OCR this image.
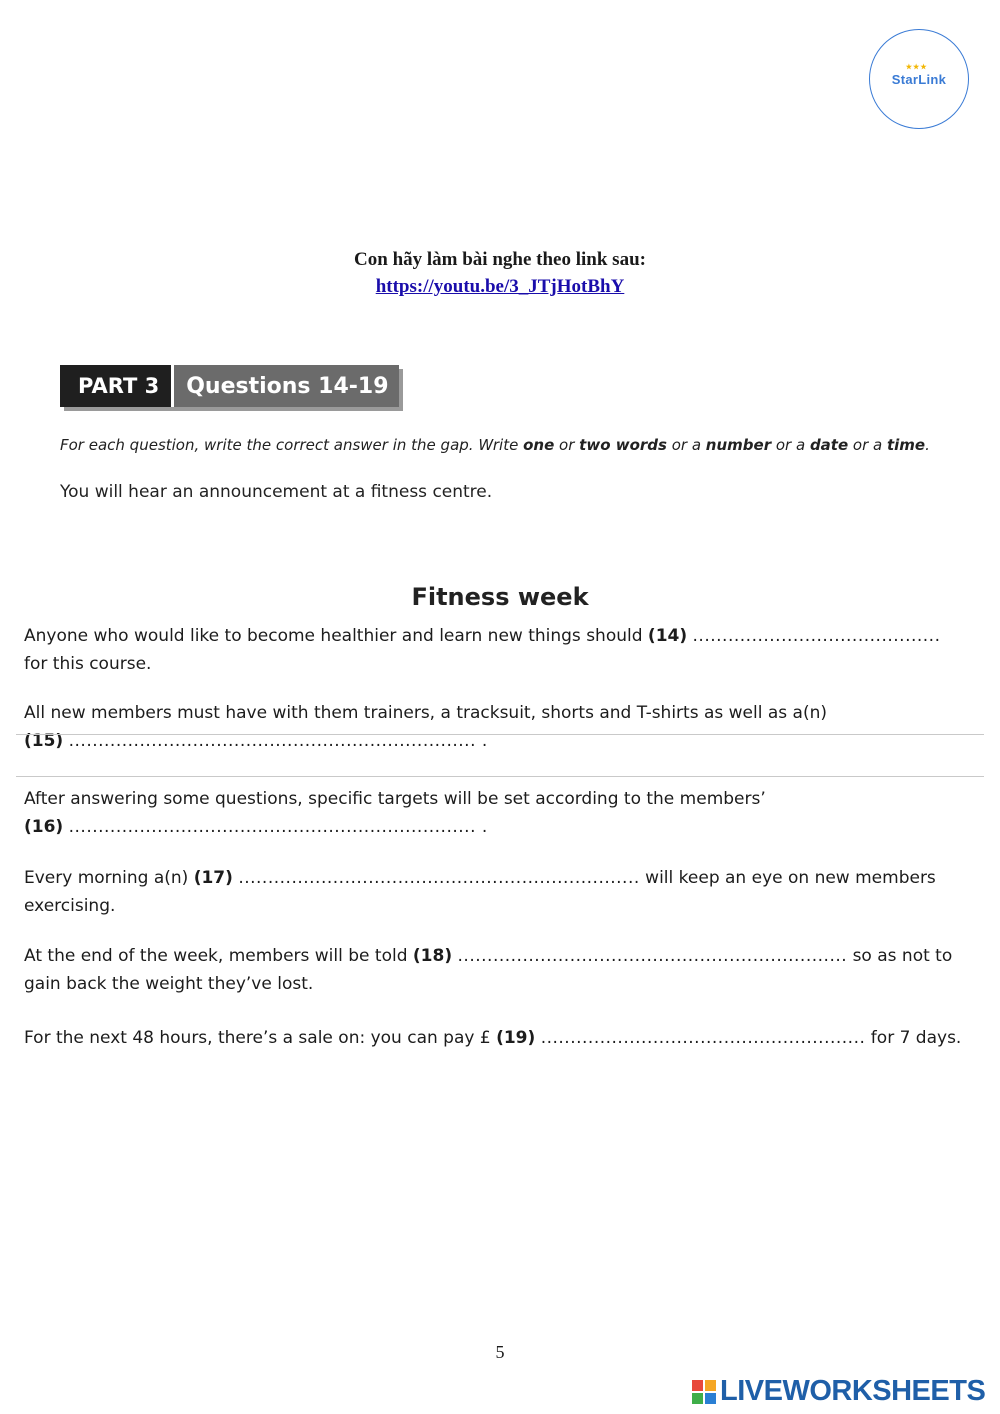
★★★
StarLink
Con hãy làm bài nghe theo link sau:
https://youtu.be/3_JTjHotBhY
PART 3	Questions 14-19
For each question, write the correct answer in the gap. Write one or two words or a number or a date or a time.
You will hear an announcement at a fitness centre.
Fitness week
Anyone who would like to become healthier and learn new things should (14) ..........................................
for this course.
All new members must have with them trainers, a tracksuit, shorts and T-shirts as well as a(n)
(15) ..................................................................... .
After answering some questions, specific targets will be set according to the members’
(16) ..................................................................... .
Every morning a(n) (17) .................................................................... will keep an eye on new members exercising.
At the end of the week, members will be told (18) .................................................................. so as not to gain back the weight they’ve lost.
For the next 48 hours, there’s a sale on: you can pay £ (19) ....................................................... for 7 days.
5
LIVEWORKSHEETS
